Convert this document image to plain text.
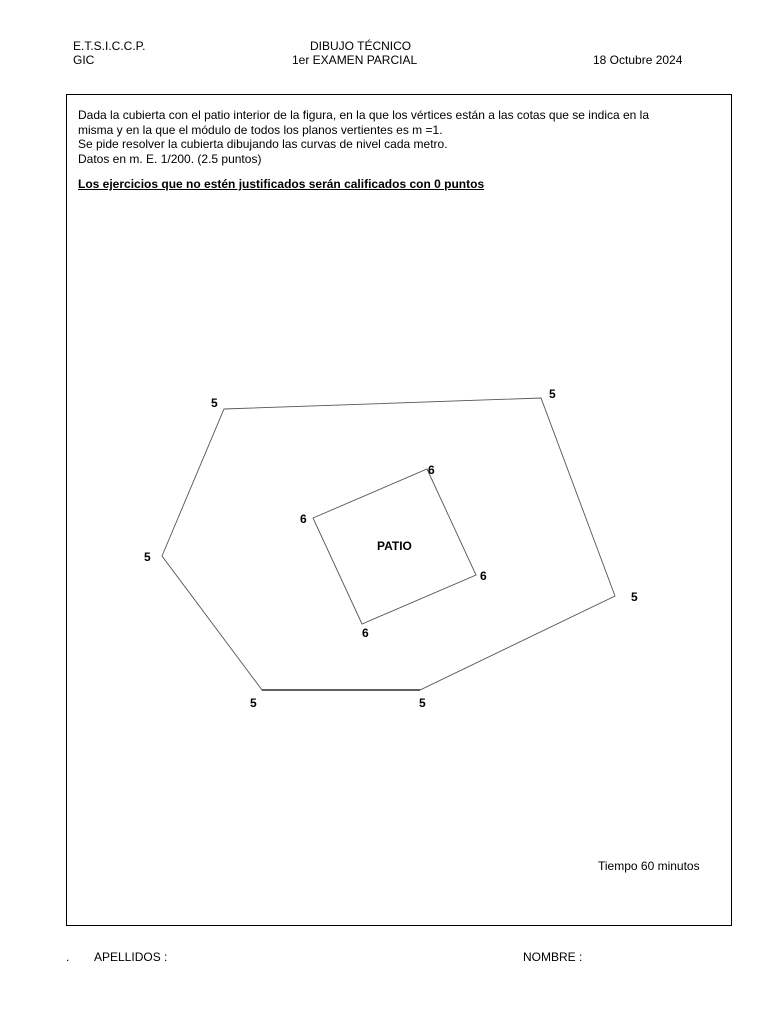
E.T.S.I.C.C.P.
GIC
DIBUJO TÉCNICO
1er EXAMEN PARCIAL	18 Octubre 2024

Dada la cubierta con el patio interior de la figura, en la que los vértices están a las cotas que se indica en la

misma y en la que el módulo de todos los planos vertientes es m =1.

Se pide resolver la cubierta dibujando las curvas de nivel cada metro.

Datos en m. E. 1/200. (2.5 puntos)

Los ejercicios que no estén justificados serán calificados con 0 puntos
5
5
5
5
5
5
6
6
6
6
PATIO
Tiempo 60 minutos
. APELLIDOS :	NOMBRE :
